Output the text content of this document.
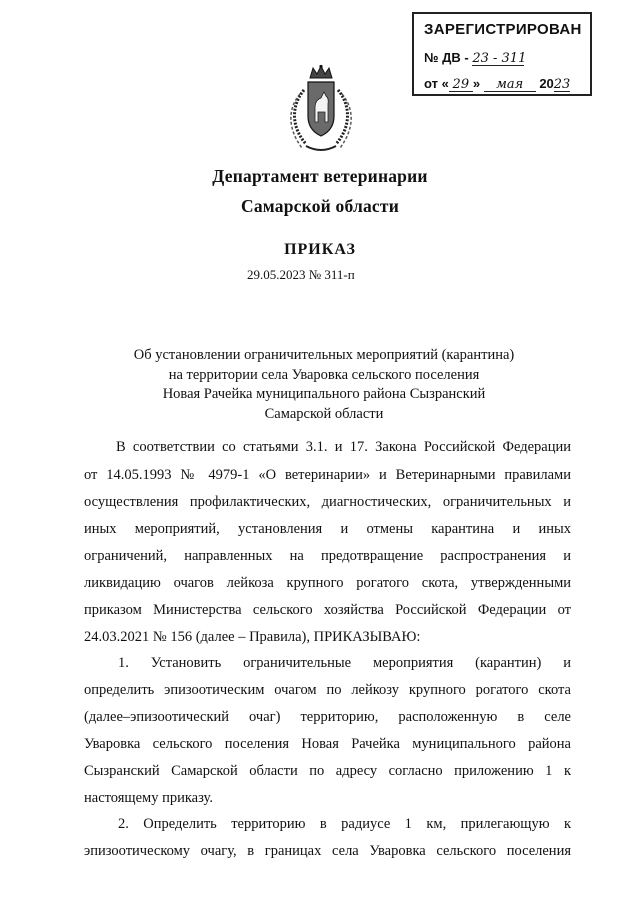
ЗАРЕГИСТРИРОВАН
№ ДВ - 23 - 311
от « 29 » мая 2023
Департамент ветеринарии
Самарской области
ПРИКАЗ
29.05.2023 № 311-п
Об установлении ограничительных мероприятий (карантина)
на территории села Уваровка сельского поселения
Новая Рачейка муниципального района Сызранский
Самарской области
В соответствии со статьями 3.1. и 17. Закона Российской Федерации
от 14.05.1993 № 4979-1 «О ветеринарии» и Ветеринарными правилами
осуществления профилактических, диагностических, ограничительных и
иных мероприятий, установления и отмены карантина и иных
ограничений, направленных на предотвращение распространения и
ликвидацию очагов лейкоза крупного рогатого скота, утвержденными
приказом Министерства сельского хозяйства Российской Федерации от
24.03.2021 № 156 (далее – Правила), ПРИКАЗЫВАЮ:
1. Установить ограничительные мероприятия (карантин) и
определить эпизоотическим очагом по лейкозу крупного рогатого скота
(далее–эпизоотический очаг) территорию, расположенную в селе
Уваровка сельского поселения Новая Рачейка муниципального района
Сызранский Самарской области по адресу согласно приложению 1 к
настоящему приказу.
2. Определить территорию в радиусе 1 км, прилегающую к
эпизоотическому очагу, в границах села Уваровка сельского поселения
